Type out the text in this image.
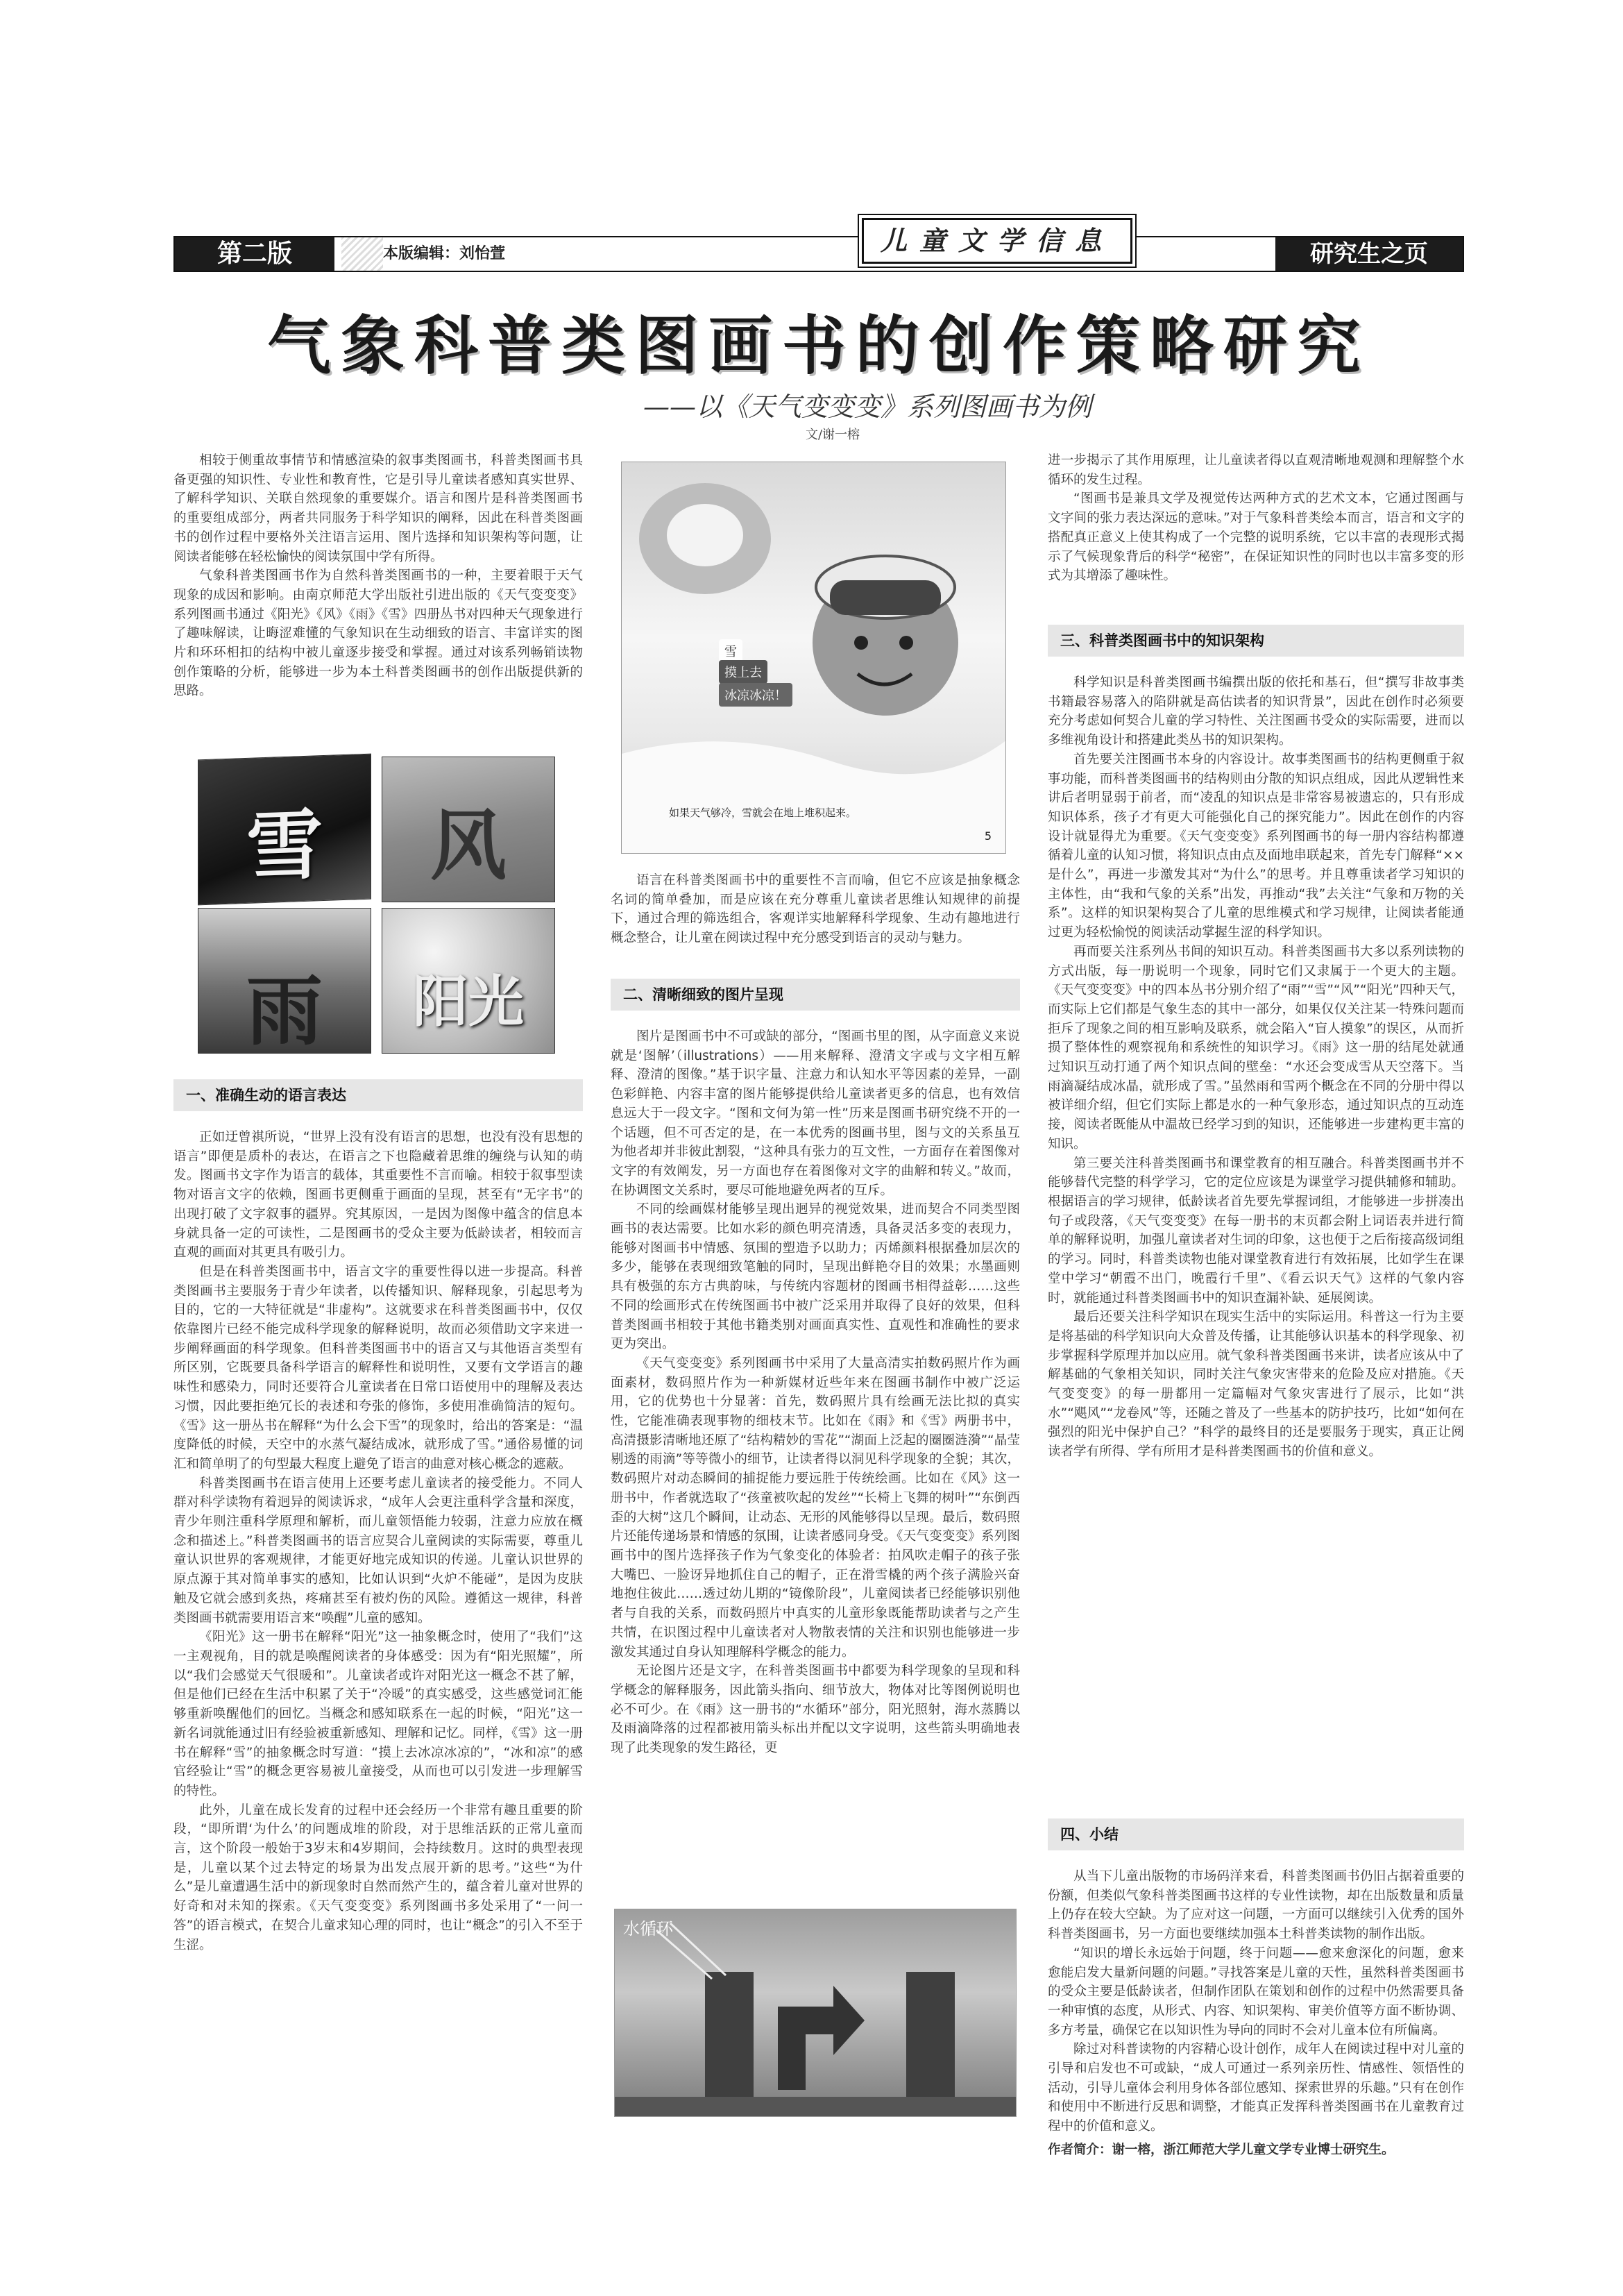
第二版	本版编辑：刘怡萱	儿童文学信息	研究生之页
气象科普类图画书的创作策略研究
——以《天气变变变》系列图画书为例
文/谢一榕

相较于侧重故事情节和情感渲染的叙事类图画书，科普类图画书具备更强的知识性、专业性和教育性，它是引导儿童读者感知真实世界、了解科学知识、关联自然现象的重要媒介。语言和图片是科普类图画书的重要组成部分，两者共同服务于科学知识的阐释，因此在科普类图画书的创作过程中要格外关注语言运用、图片选择和知识架构等问题，让阅读者能够在轻松愉快的阅读氛围中学有所得。

气象科普类图画书作为自然科普类图画书的一种，主要着眼于天气现象的成因和影响。由南京师范大学出版社引进出版的《天气变变变》系列图画书通过《阳光》《风》《雨》《雪》四册丛书对四种天气现象进行了趣味解读，让晦涩难懂的气象知识在生动细致的语言、丰富详实的图片和环环相扣的结构中被儿童逐步接受和掌握。通过对该系列畅销读物创作策略的分析，能够进一步为本土科普类图画书的创作出版提供新的思路。

雪	风
雨	阳光
一、准确生动的语言表达

正如迂曾祺所说，“世界上没有没有语言的思想，也没有没有思想的语言”即便是质朴的表达，在语言之下也隐藏着思维的缠绕与认知的萌发。图画书文字作为语言的载体，其重要性不言而喻。相较于叙事型读物对语言文字的依赖，图画书更侧重于画面的呈现，甚至有“无字书”的出现打破了文字叙事的疆界。究其原因，一是因为图像中蕴含的信息本身就具备一定的可读性，二是图画书的受众主要为低龄读者，相较而言直观的画面对其更具有吸引力。

但是在科普类图画书中，语言文字的重要性得以进一步提高。科普类图画书主要服务于青少年读者，以传播知识、解释现象，引起思考为目的，它的一大特征就是“非虚构”。这就要求在科普类图画书中，仅仅依靠图片已经不能完成科学现象的解释说明，故而必须借助文字来进一步阐释画面的科学现象。但科普类图画书中的语言又与其他语言类型有所区别，它既要具备科学语言的解释性和说明性，又要有文学语言的趣味性和感染力，同时还要符合儿童读者在日常口语使用中的理解及表达习惯，因此要拒绝冗长的表述和夸张的修饰，多使用准确简洁的短句。《雪》这一册丛书在解释“为什么会下雪”的现象时，给出的答案是：“温度降低的时候，天空中的水蒸气凝结成冰，就形成了雪。”通俗易懂的词汇和简单明了的句型最大程度上避免了语言的曲意对核心概念的遮蔽。

科普类图画书在语言使用上还要考虑儿童读者的接受能力。不同人群对科学读物有着迥异的阅读诉求，“成年人会更注重科学含量和深度，青少年则注重科学原理和解析，而儿童领悟能力较弱，注意力应放在概念和描述上。”科普类图画书的语言应契合儿童阅读的实际需要，尊重儿童认识世界的客观规律，才能更好地完成知识的传递。儿童认识世界的原点源于其对简单事实的感知，比如认识到“火炉不能碰”，是因为皮肤触及它就会感到炙热，疼痛甚至有被灼伤的风险。遵循这一规律，科普类图画书就需要用语言来“唤醒”儿童的感知。

《阳光》这一册书在解释“阳光”这一抽象概念时，使用了“我们”这一主观视角，目的就是唤醒阅读者的身体感受：因为有“阳光照耀”，所以“我们会感觉天气很暖和”。儿童读者或许对阳光这一概念不甚了解，但是他们已经在生活中积累了关于“冷暖”的真实感受，这些感觉词汇能够重新唤醒他们的回忆。当概念和感知联系在一起的时候，“阳光”这一新名词就能通过旧有经验被重新感知、理解和记忆。同样，《雪》这一册书在解释“雪”的抽象概念时写道：“摸上去冰凉冰凉的”，“冰和凉”的感官经验让“雪”的概念更容易被儿童接受，从而也可以引发进一步理解雪的特性。

此外，儿童在成长发育的过程中还会经历一个非常有趣且重要的阶段，“即所谓‘为什么’的问题成堆的阶段，对于思维活跃的正常儿童而言，这个阶段一般始于3岁末和4岁期间，会持续数月。这时的典型表现是，儿童以某个过去特定的场景为出发点展开新的思考。”这些“为什么”是儿童遭遇生活中的新现象时自然而然产生的，蕴含着儿童对世界的好奇和对未知的探索。《天气变变变》系列图画书多处采用了“一问一答”的语言模式，在契合儿童求知心理的同时，也让“概念”的引入不至于生涩。

雪
摸上去
冰凉冰凉！
如果天气够冷，雪就会在地上堆积起来。
5

语言在科普类图画书中的重要性不言而喻，但它不应该是抽象概念名词的简单叠加，而是应该在充分尊重儿童读者思维认知规律的前提下，通过合理的筛选组合，客观详实地解释科学现象、生动有趣地进行概念整合，让儿童在阅读过程中充分感受到语言的灵动与魅力。

二、清晰细致的图片呈现

图片是图画书中不可或缺的部分，“图画书里的图，从字面意义来说就是‘图解’（illustrations）——用来解释、澄清文字或与文字相互解释、澄清的图像。”基于识字量、注意力和认知水平等因素的差异，一副色彩鲜艳、内容丰富的图片能够提供给儿童读者更多的信息，也有效信息远大于一段文字。“图和文何为第一性”历来是图画书研究绕不开的一个话题，但不可否定的是，在一本优秀的图画书里，图与文的关系虽互为他者却并非彼此割裂，“这种具有张力的互文性，一方面存在着图像对文字的有效阐发，另一方面也存在着图像对文字的曲解和转义。”故而，在协调图文关系时，要尽可能地避免两者的互斥。

不同的绘画媒材能够呈现出迥异的视觉效果，进而契合不同类型图画书的表达需要。比如水彩的颜色明亮清透，具备灵活多变的表现力，能够对图画书中情感、氛围的塑造予以助力；丙烯颜料根据叠加层次的多少，能够在表现细致笔触的同时，呈现出鲜艳夺目的效果；水墨画则具有极强的东方古典韵味，与传统内容题材的图画书相得益彰……这些不同的绘画形式在传统图画书中被广泛采用并取得了良好的效果，但科普类图画书相较于其他书籍类别对画面真实性、直观性和准确性的要求更为突出。

《天气变变变》系列图画书中采用了大量高清实拍数码照片作为画面素材，数码照片作为一种新媒材近些年来在图画书制作中被广泛运用，它的优势也十分显著：首先，数码照片具有绘画无法比拟的真实性，它能准确表现事物的细枝末节。比如在《雨》和《雪》两册书中，高清摄影清晰地还原了“结构精妙的雪花”“湖面上泛起的圈圈涟漪”“晶莹剔透的雨滴”等等微小的细节，让读者得以洞见科学现象的全貌；其次，数码照片对动态瞬间的捕捉能力要远胜于传统绘画。比如在《风》这一册书中，作者就选取了“孩童被吹起的发丝”“长椅上飞舞的树叶”“东倒西歪的大树”这几个瞬间，让动态、无形的风能够得以呈现。最后，数码照片还能传递场景和情感的氛围，让读者感同身受。《天气变变变》系列图画书中的图片选择孩子作为气象变化的体验者：拍风吹走帽子的孩子张大嘴巴、一脸讶异地抓住自己的帽子，正在滑雪橇的两个孩子满脸兴奋地抱住彼此……透过幼儿期的“镜像阶段”，儿童阅读者已经能够识别他者与自我的关系，而数码照片中真实的儿童形象既能帮助读者与之产生共情，在识图过程中儿童读者对人物散表情的关注和识别也能够进一步激发其通过自身认知理解科学概念的能力。

无论图片还是文字，在科普类图画书中都要为科学现象的呈现和科学概念的解释服务，因此箭头指向、细节放大，物体对比等图例说明也必不可少。在《雨》这一册书的“水循环”部分，阳光照射，海水蒸腾以及雨滴降落的过程都被用箭头标出并配以文字说明，这些箭头明确地表现了此类现象的发生路径，更

水循环

进一步揭示了其作用原理，让儿童读者得以直观清晰地观测和理解整个水循环的发生过程。

“图画书是兼具文学及视觉传达两种方式的艺术文本，它通过图画与文字间的张力表达深远的意味。”对于气象科普类绘本而言，语言和文字的搭配真正意义上使其构成了一个完整的说明系统，它以丰富的表现形式揭示了气候现象背后的科学“秘密”，在保证知识性的同时也以丰富多变的形式为其增添了趣味性。

三、科普类图画书中的知识架构

科学知识是科普类图画书编撰出版的依托和基石，但“撰写非故事类书籍最容易落入的陷阱就是高估读者的知识背景”，因此在创作时必须要充分考虑如何契合儿童的学习特性、关注图画书受众的实际需要，进而以多维视角设计和搭建此类丛书的知识架构。

首先要关注图画书本身的内容设计。故事类图画书的结构更侧重于叙事功能，而科普类图画书的结构则由分散的知识点组成，因此从逻辑性来讲后者明显弱于前者，而“凌乱的知识点是非常容易被遗忘的，只有形成知识体系，孩子才有更大可能强化自己的探究能力”。因此在创作的内容设计就显得尤为重要。《天气变变变》系列图画书的每一册内容结构都遵循着儿童的认知习惯，将知识点由点及面地串联起来，首先专门解释“××是什么”，再进一步激发其对“为什么”的思考。并且尊重读者学习知识的主体性，由“我和气象的关系”出发，再推动“我”去关注“气象和万物的关系”。这样的知识架构契合了儿童的思维模式和学习规律，让阅读者能通过更为轻松愉悦的阅读活动掌握生涩的科学知识。

再而要关注系列丛书间的知识互动。科普类图画书大多以系列读物的方式出版，每一册说明一个现象，同时它们又隶属于一个更大的主题。《天气变变变》中的四本丛书分别介绍了“雨”“雪”“风”“阳光”四种天气，而实际上它们都是气象生态的其中一部分，如果仅仅关注某一特殊问题而拒斥了现象之间的相互影响及联系，就会陷入“盲人摸象”的误区，从而折损了整体性的观察视角和系统性的知识学习。《雨》这一册的结尾处就通过知识互动打通了两个知识点间的壁垒：“水还会变成雪从天空落下。当雨滴凝结成冰晶，就形成了雪。”虽然雨和雪两个概念在不同的分册中得以被详细介绍，但它们实际上都是水的一种气象形态，通过知识点的互动连接，阅读者既能从中温故已经学习到的知识，还能够进一步建构更丰富的知识。

第三要关注科普类图画书和课堂教育的相互融合。科普类图画书并不能够替代完整的科学学习，它的定位应该是为课堂学习提供辅修和辅助。根据语言的学习规律，低龄读者首先要先掌握词组，才能够进一步拼凑出句子或段落，《天气变变变》在每一册书的末页都会附上词语表并进行简单的解释说明，加强儿童读者对生词的印象，这也便于之后衔接高级词组的学习。同时，科普类读物也能对课堂教育进行有效拓展，比如学生在课堂中学习“朝霞不出门，晚霞行千里”、《看云识天气》这样的气象内容时，就能通过科普类图画书中的知识查漏补缺、延展阅读。

最后还要关注科学知识在现实生活中的实际运用。科普这一行为主要是将基础的科学知识向大众普及传播，让其能够认识基本的科学现象、初步掌握科学原理并加以应用。就气象科普类图画书来讲，读者应该从中了解基础的气象相关知识，同时关注气象灾害带来的危险及应对措施。《天气变变变》的每一册都用一定篇幅对气象灾害进行了展示，比如“洪水”“飓风”“龙卷风”等，还随之普及了一些基本的防护技巧，比如“如何在强烈的阳光中保护自己？”科学的最终目的还是要服务于现实，真正让阅读者学有所得、学有所用才是科普类图画书的价值和意义。

四、小结

从当下儿童出版物的市场码洋来看，科普类图画书仍旧占据着重要的份额，但类似气象科普类图画书这样的专业性读物，却在出版数量和质量上仍存在较大空缺。为了应对这一问题，一方面可以继续引入优秀的国外科普类图画书，另一方面也要继续加强本土科普类读物的制作出版。

“知识的增长永远始于问题，终于问题——愈来愈深化的问题，愈来愈能启发大量新问题的问题。”寻找答案是儿童的天性，虽然科普类图画书的受众主要是低龄读者，但制作团队在策划和创作的过程中仍然需要具备一种审慎的态度，从形式、内容、知识架构、审美价值等方面不断协调、多方考量，确保它在以知识性为导向的同时不会对儿童本位有所偏离。

除过对科普读物的内容精心设计创作，成年人在阅读过程中对儿童的引导和启发也不可或缺，“成人可通过一系列亲历性、情感性、领悟性的活动，引导儿童体会利用身体各部位感知、探索世界的乐趣。”只有在创作和使用中不断进行反思和调整，才能真正发挥科普类图画书在儿童教育过程中的价值和意义。

作者简介：谢一榕，浙江师范大学儿童文学专业博士研究生。
